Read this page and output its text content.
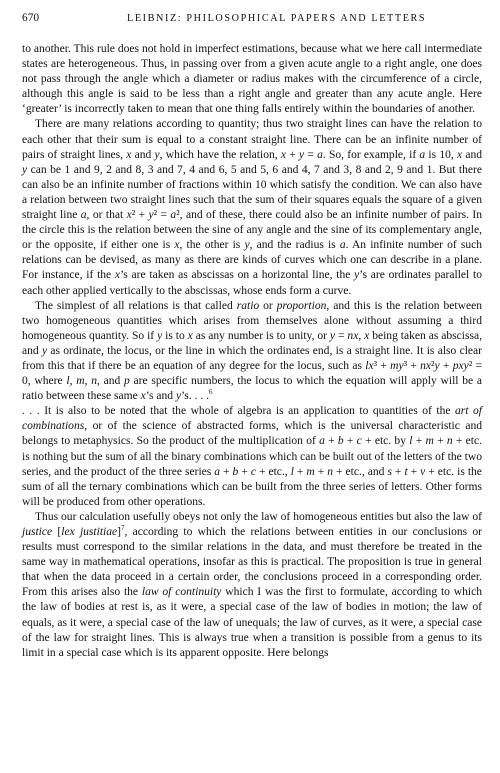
670	LEIBNIZ: PHILOSOPHICAL PAPERS AND LETTERS

to another. This rule does not hold in imperfect estimations, because what we here call intermediate states are heterogeneous. Thus, in passing over from a given acute angle to a right angle, one does not pass through the angle which a diameter or radius makes with the circumference of a circle, although this angle is said to be less than a right angle and greater than any acute angle. Here ‘greater’ is incorrectly taken to mean that one thing falls entirely within the boundaries of another.

There are many relations according to quantity; thus two straight lines can have the relation to each other that their sum is equal to a constant straight line. There can be an infinite number of pairs of straight lines, x and y, which have the relation, x + y = a. So, for example, if a is 10, x and y can be 1 and 9, 2 and 8, 3 and 7, 4 and 6, 5 and 5, 6 and 4, 7 and 3, 8 and 2, 9 and 1. But there can also be an infinite number of fractions within 10 which satisfy the condition. We can also have a relation between two straight lines such that the sum of their squares equals the square of a given straight line a, or that x² + y² = a², and of these, there could also be an infinite number of pairs. In the circle this is the relation between the sine of any angle and the sine of its complementary angle, or the opposite, if either one is x, the other is y, and the radius is a. An infinite number of such relations can be devised, as many as there are kinds of curves which one can describe in a plane. For instance, if the x’s are taken as abscissas on a horizontal line, the y’s are ordinates parallel to each other applied vertically to the abscissas, whose ends form a curve.

The simplest of all relations is that called ratio or proportion, and this is the relation between two homogeneous quantities which arises from themselves alone without assuming a third homogeneous quantity. So if y is to x as any number is to unity, or y = nx, x being taken as abscissa, and y as ordinate, the locus, or the line in which the ordinates end, is a straight line. It is also clear from this that if there be an equation of any degree for the locus, such as lx³ + my³ + nx²y + pxy² = 0, where l, m, n, and p are specific numbers, the locus to which the equation will apply will be a ratio between these same x’s and y’s. . . .$^6$

. . . It is also to be noted that the whole of algebra is an application to quantities of the art of combinations, or of the science of abstracted forms, which is the universal characteristic and belongs to metaphysics. So the product of the multiplication of a + b + c + etc. by l + m + n + etc. is nothing but the sum of all the binary combinations which can be built out of the letters of the two series, and the product of the three series a + b + c + etc., l + m + n + etc., and s + t + v + etc. is the sum of all the ternary combinations which can be built from the three series of letters. Other forms will be produced from other operations.

Thus our calculation usefully obeys not only the law of homogeneous entities but also the law of justice [lex justitiae]$^7$, according to which the relations between entities in our conclusions or results must correspond to the similar relations in the data, and must therefore be treated in the same way in mathematical operations, insofar as this is practical. The proposition is true in general that when the data proceed in a certain order, the conclusions proceed in a corresponding order. From this arises also the law of continuity which I was the first to formulate, according to which the law of bodies at rest is, as it were, a special case of the law of bodies in motion; the law of equals, as it were, a special case of the law of unequals; the law of curves, as it were, a special case of the law for straight lines. This is always true when a transition is possible from a genus to its limit in a special case which is its apparent opposite. Here belongs
